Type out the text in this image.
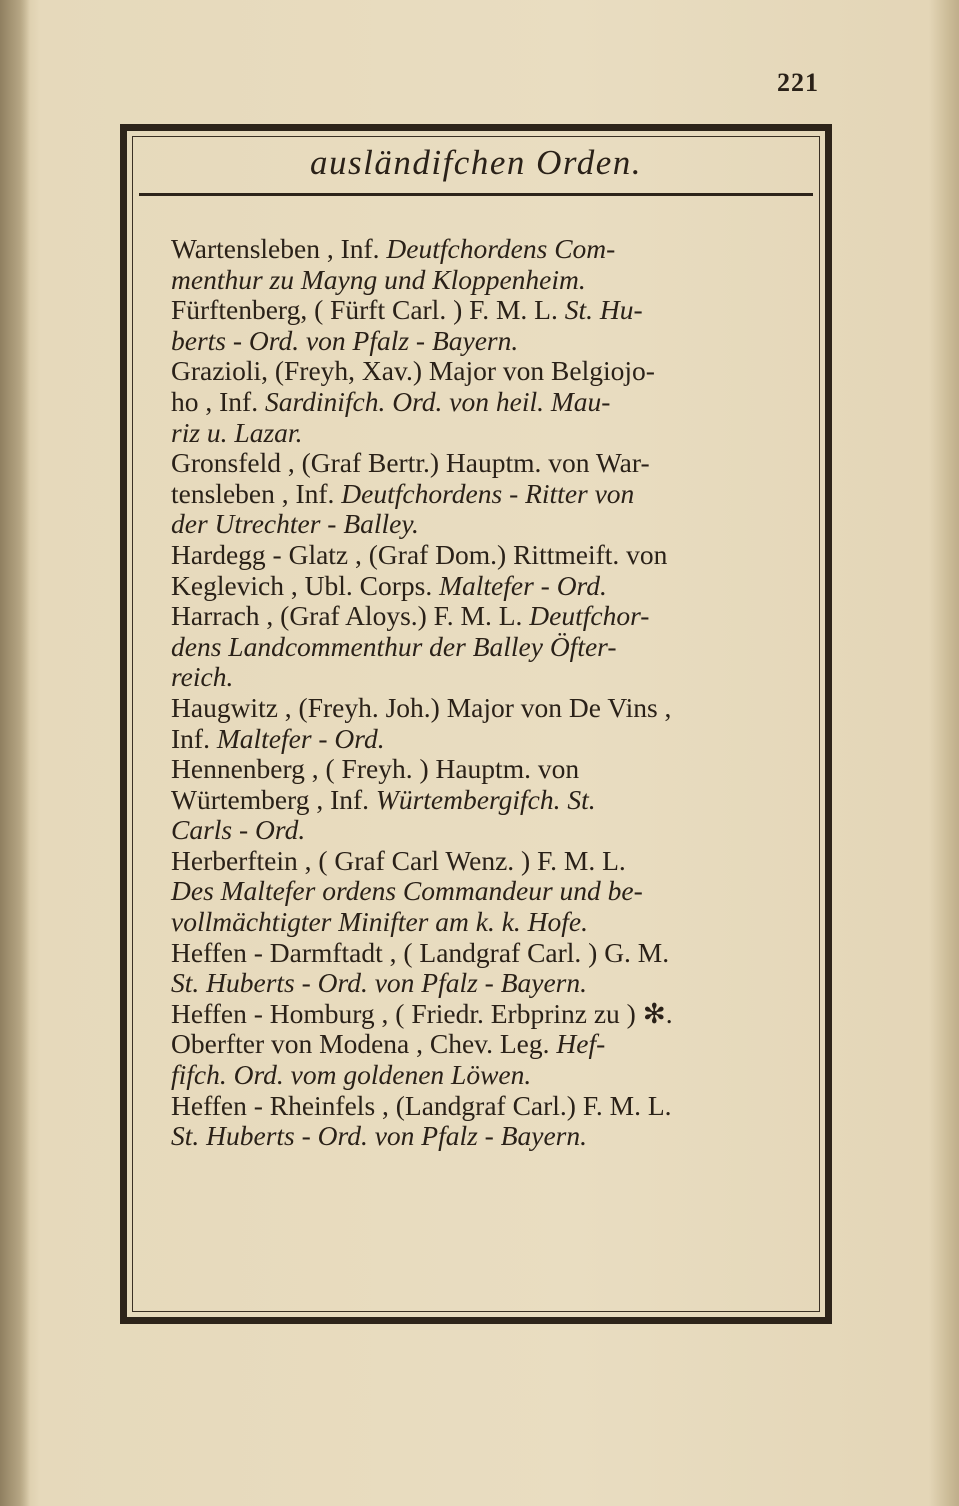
221
ausländifchen Orden.
Wartensleben , Inf. Deutfchordens Com-
menthur zu Mayng und Kloppenheim.
Fürftenberg, ( Fürft Carl. ) F. M. L. St. Hu-
berts - Ord. von Pfalz - Bayern.
Grazioli, (Freyh, Xav.) Major von Belgiojo-
ho , Inf. Sardinifch. Ord. von heil. Mau-
riz u. Lazar.
Gronsfeld , (Graf Bertr.) Hauptm. von War-
tensleben , Inf. Deutfchordens - Ritter von
der Utrechter - Balley.
Hardegg - Glatz , (Graf Dom.) Rittmeift. von
Keglevich , Ubl. Corps. Maltefer - Ord.
Harrach , (Graf Aloys.) F. M. L. Deutfchor-
dens Landcommenthur der Balley Öfter-
reich.
Haugwitz , (Freyh. Joh.) Major von De Vins ,
Inf. Maltefer - Ord.
Hennenberg , ( Freyh. ) Hauptm. von
Würtemberg , Inf. Würtembergifch. St.
Carls - Ord.
Herberftein , ( Graf Carl Wenz. ) F. M. L.
Des Maltefer ordens Commandeur und be-
vollmächtigter Minifter am k. k. Hofe.
Heffen - Darmftadt , ( Landgraf Carl. ) G. M.
St. Huberts - Ord. von Pfalz - Bayern.
Heffen - Homburg , ( Friedr. Erbprinz zu ) ✻.
Oberfter von Modena , Chev. Leg. Hef-
fifch. Ord. vom goldenen Löwen.
Heffen - Rheinfels , (Landgraf Carl.) F. M. L.
St. Huberts - Ord. von Pfalz - Bayern.
